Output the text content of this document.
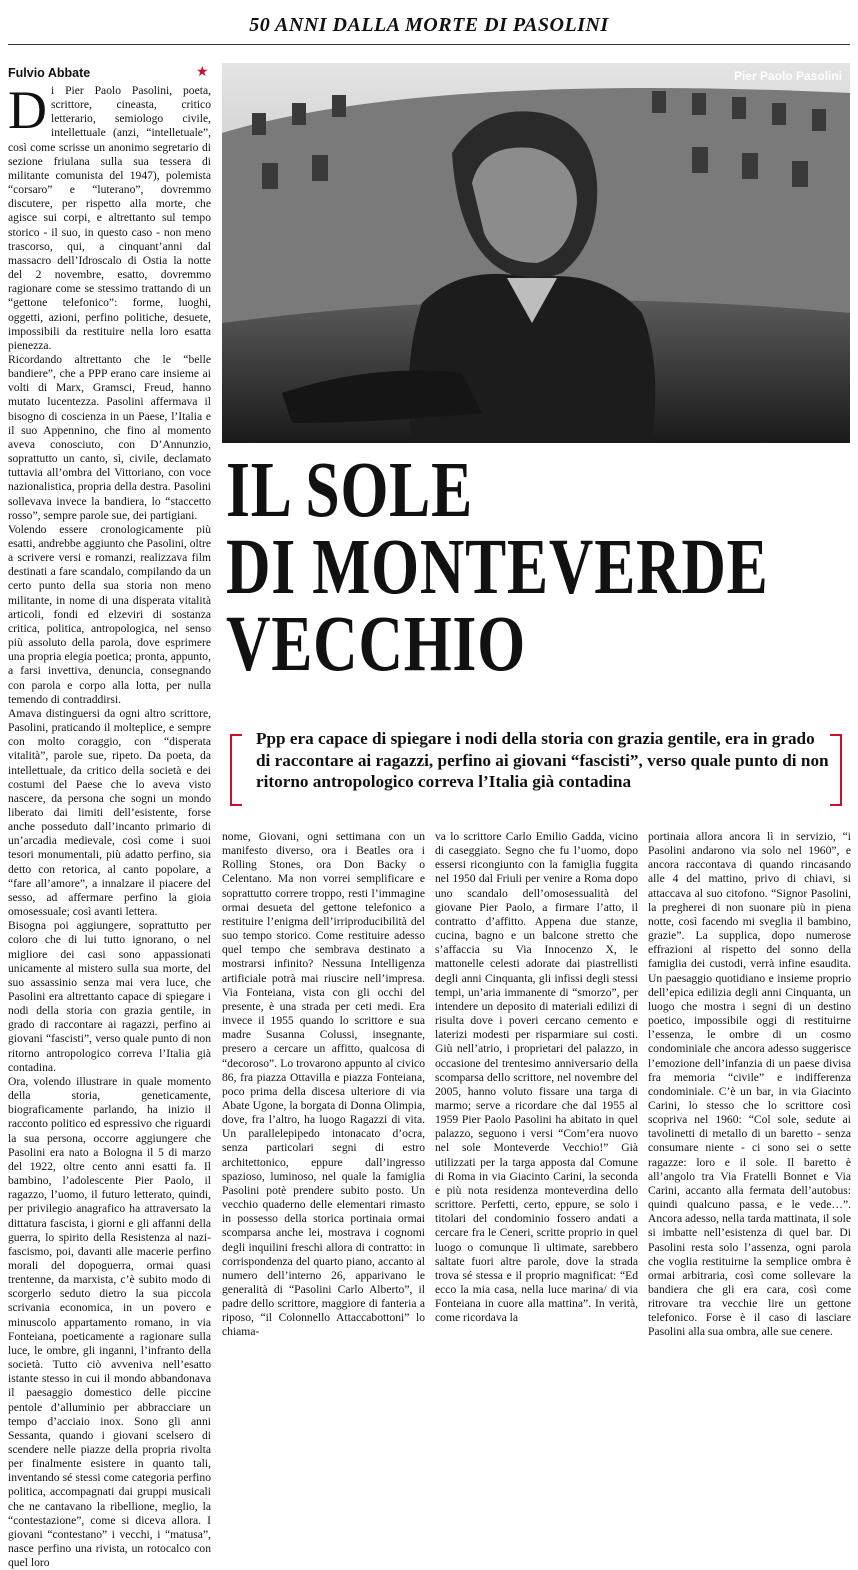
50 ANNI DALLA MORTE DI PASOLINI
Fulvio Abbate	★
D i Pier Paolo Pasolini, poeta, scrittore, cineasta, critico letterario, semiologo civile, intellettuale (anzi, “intelletuale”, così come scrisse un anonimo segretario di sezione friulana sulla sua tessera di militante comunista del 1947), polemista “corsaro” e “luterano”, dovremmo discutere, per rispetto alla morte, che agisce sui corpi, e altrettanto sul tempo storico - il suo, in questo caso - non meno trascorso, qui, a cinquant’anni dal massacro dell’Idroscalo di Ostia la notte del 2 novembre, esatto, dovremmo ragionare come se stessimo trattando di un “gettone telefonico”: forme, luoghi, oggetti, azioni, perfino politiche, desuete, impossibili da restituire nella loro esatta pienezza.

Ricordando altrettanto che le “belle bandiere”, che a PPP erano care insieme ai volti di Marx, Gramsci, Freud, hanno mutato lucentezza. Pasolini affermava il bisogno di coscienza in un Paese, l’Italia e il suo Appennino, che fino al momento aveva conosciuto, con D’Annunzio, soprattutto un canto, sì, civile, declamato tuttavia all’ombra del Vittoriano, con voce nazionalistica, propria della destra. Pasolini sollevava invece la bandiera, lo “staccetto rosso”, sempre parole sue, dei partigiani.

Volendo essere cronologicamente più esatti, andrebbe aggiunto che Pasolini, oltre a scrivere versi e romanzi, realizzava film destinati a fare scandalo, compilando da un certo punto della sua storia non meno militante, in nome di una disperata vitalità articoli, fondi ed elzeviri di sostanza critica, politica, antropologica, nel senso più assoluto della parola, dove esprimere una propria elegia poetica; pronta, appunto, a farsi invettiva, denuncia, consegnando con parola e corpo alla lotta, per nulla temendo di contraddirsi.

Amava distinguersi da ogni altro scrittore, Pasolini, praticando il molteplice, e sempre con molto coraggio, con “disperata vitalità”, parole sue, ripeto. Da poeta, da intellettuale, da critico della società e dei costumi del Paese che lo aveva visto nascere, da persona che sogni un mondo liberato dai limiti dell’esistente, forse anche posseduto dall’incanto primario di un’arcadia medievale, così come i suoi tesori monumentali, più adatto perfino, sia detto con retorica, al canto popolare, a “fare all’amore”, a innalzare il piacere del sesso, ad affermare perfino la gioia omosessuale; così avanti lettera.

Bisogna poi aggiungere, soprattutto per coloro che di lui tutto ignorano, o nel migliore dei casi sono appassionati unicamente al mistero sulla sua morte, del suo assassinio senza mai vera luce, che Pasolini era altrettanto capace di spiegare i nodi della storia con grazia gentile, in grado di raccontare ai ragazzi, perfino ai giovani “fascisti”, verso quale punto di non ritorno antropologico correva l’Italia già contadina.

Ora, volendo illustrare in quale momento della storia, geneticamente, biograficamente parlando, ha inizio il racconto politico ed espressivo che riguardi la sua persona, occorre aggiungere che Pasolini era nato a Bologna il 5 di marzo del 1922, oltre cento anni esatti fa. Il bambino, l’adolescente Pier Paolo, il ragazzo, l’uomo, il futuro letterato, quindi, per privilegio anagrafico ha attraversato la dittatura fascista, i giorni e gli affanni della guerra, lo spirito della Resistenza al nazi-fascismo, poi, davanti alle macerie perfino morali del dopoguerra, ormai quasi trentenne, da marxista, c’è subito modo di scorgerlo seduto dietro la sua piccola scrivania economica, in un povero e minuscolo appartamento romano, in via Fonteiana, poeticamente a ragionare sulla luce, le ombre, gli inganni, l’infranto della società. Tutto ciò avveniva nell’esatto istante stesso in cui il mondo abbandonava il paesaggio domestico delle piccine pentole d’alluminio per abbracciare un tempo d’acciaio inox. Sono gli anni Sessanta, quando i giovani scelsero di scendere nelle piazze della propria rivolta per finalmente esistere in quanto tali, inventando sé stessi come categoria perfino politica, accompagnati dai gruppi musicali che ne cantavano la ribellione, meglio, la “contestazione”, come si diceva allora. I giovani “contestano” i vecchi, i “matusa”, nasce perfino una rivista, un rotocalco con quel loro

Pier Paolo Pasolini
IL SOLE
DI MONTEVERDE
VECCHIO
Ppp era capace di spiegare i nodi della storia con grazia gentile, era in grado di raccontare ai ragazzi, perfino ai giovani “fascisti”, verso quale punto di non ritorno antropologico correva l’Italia già contadina

nome, Giovani, ogni settimana con un manifesto diverso, ora i Beatles ora i Rolling Stones, ora Don Backy o Celentano. Ma non vorrei semplificare e soprattutto correre troppo, resti l’immagine ormai desueta del gettone telefonico a restituire l’enigma dell’irriproducibilità del suo tempo storico. Come restituire adesso quel tempo che sembrava destinato a mostrarsi infinito? Nessuna Intelligenza artificiale potrà mai riuscire nell’impresa. Via Fonteiana, vista con gli occhi del presente, è una strada per ceti medi. Era invece il 1955 quando lo scrittore e sua madre Susanna Colussi, insegnante, presero a cercare un affitto, qualcosa di “decoroso”. Lo trovarono appunto al civico 86, fra piazza Ottavilla e piazza Fonteiana, poco prima della discesa ulteriore di via Abate Ugone, la borgata di Donna Olimpia, dove, fra l’altro, ha luogo Ragazzi di vita. Un parallelepipedo intonacato d’ocra, senza particolari segni di estro architettonico, eppure dall’ingresso spazioso, luminoso, nel quale la famiglia Pasolini potè prendere subito posto. Un vecchio quaderno delle elementari rimasto in possesso della storica portinaia ormai scomparsa anche lei, mostrava i cognomi degli inquilini freschi allora di contratto: in corrispondenza del quarto piano, accanto al numero dell’interno 26, apparivano le generalità di “Pasolini Carlo Alberto”, il padre dello scrittore, maggiore di fanteria a riposo, “il Colonnello Attaccabottoni” lo chiama-

va lo scrittore Carlo Emilio Gadda, vicino di caseggiato. Segno che fu l’uomo, dopo essersi ricongiunto con la famiglia fuggita nel 1950 dal Friuli per venire a Roma dopo uno scandalo dell’omosessualità del giovane Pier Paolo, a firmare l’atto, il contratto d’affitto. Appena due stanze, cucina, bagno e un balcone stretto che s’affaccia su Via Innocenzo X, le mattonelle celesti adorate dai piastrellisti degli anni Cinquanta, gli infissi degli stessi tempi, un’aria immanente di “smorzo”, per intendere un deposito di materiali edilizi di risulta dove i poveri cercano cemento e laterizi modesti per risparmiare sui costi. Giù nell’atrio, i proprietari del palazzo, in occasione del trentesimo anniversario della scomparsa dello scrittore, nel novembre del 2005, hanno voluto fissare una targa di marmo; serve a ricordare che dal 1955 al 1959 Pier Paolo Pasolini ha abitato in quel palazzo, seguono i versi “Com’era nuovo nel sole Monteverde Vecchio!” Già utilizzati per la targa apposta dal Comune di Roma in via Giacinto Carini, la seconda e più nota residenza monteverdina dello scrittore. Perfetti, certo, eppure, se solo i titolari del condominio fossero andati a cercare fra le Ceneri, scritte proprio in quel luogo o comunque lì ultimate, sarebbero saltate fuori altre parole, dove la strada trova sé stessa e il proprio magnificat: “Ed ecco la mia casa, nella luce marina/ di via Fonteiana in cuore alla mattina”. In verità, come ricordava la

portinaia allora ancora lì in servizio, “i Pasolini andarono via solo nel 1960”, e ancora raccontava di quando rincasando alle 4 del mattino, privo di chiavi, si attaccava al suo citofono. “Signor Pasolini, la pregherei di non suonare più in piena notte, così facendo mi sveglia il bambino, grazie”. La supplica, dopo numerose effrazioni al rispetto del sonno della famiglia dei custodi, verrà infine esaudita. Un paesaggio quotidiano e insieme proprio dell’epica edilizia degli anni Cinquanta, un luogo che mostra i segni di un destino poetico, impossibile oggi di restituirne l’essenza, le ombre di un cosmo condominiale che ancora adesso suggerisce l’emozione dell’infanzia di un paese divisa fra memoria “civile” e indifferenza condominiale. C’è un bar, in via Giacinto Carini, lo stesso che lo scrittore così scopriva nel 1960: “Col sole, sedute ai tavolinetti di metallo di un baretto - senza consumare niente - ci sono sei o sette ragazze: loro e il sole. Il baretto è all’angolo tra Via Fratelli Bonnet e Via Carini, accanto alla fermata dell’autobus: quindi qualcuno passa, e le vede…”. Ancora adesso, nella tarda mattinata, il sole si imbatte nell’esistenza di quel bar. Di Pasolini resta solo l’assenza, ogni parola che voglia restituirne la semplice ombra è ormai arbitraria, così come sollevare la bandiera che gli era cara, così come ritrovare tra vecchie lire un gettone telefonico. Forse è il caso di lasciare Pasolini alla sua ombra, alle sue cenere.
